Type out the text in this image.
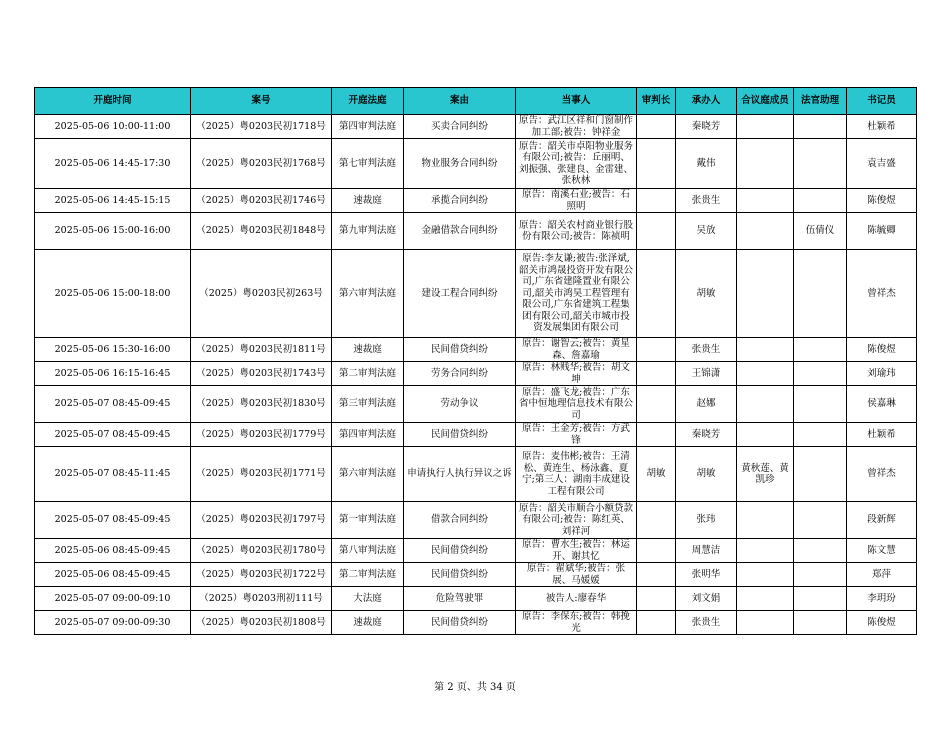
开庭时间	案号	开庭法庭	案由	当事人	审判长	承办人	合议庭成员	法官助理	书记员
2025-05-06 10:00-11:00	（2025）粤0203民初1718号	第四审判法庭	买卖合同纠纷	原告：武江区祥和门窗制作加工部;被告：钟祥金		秦晓芳			杜颖希
2025-05-06 14:45-17:30	（2025）粤0203民初1768号	第七审判法庭	物业服务合同纠纷	原告：韶关市卓阳物业服务有限公司;被告：丘丽明、刘振强、张建良、金雷建、张秋林		戴伟			袁吉盛
2025-05-06 14:45-15:15	（2025）粤0203民初1746号	速裁庭	承揽合同纠纷	原告：南溪石业;被告：石照明		张贵生			陈俊煜
2025-05-06 15:00-16:00	（2025）粤0203民初1848号	第九审判法庭	金融借款合同纠纷	原告：韶关农村商业银行股份有限公司;被告：陈祯明		吴放		伍倩仪	陈毓卿
2025-05-06 15:00-18:00	（2025）粤0203民初263号	第六审判法庭	建设工程合同纠纷	原告:李友谦;被告:张泽斌,韶关市鸿晟投资开发有限公司,广东省建隆置业有限公司,韶关市鸿昊工程管理有限公司,广东省建筑工程集团有限公司,韶关市城市投资发展集团有限公司		胡敏			曾祥杰
2025-05-06 15:30-16:00	（2025）粤0203民初1811号	速裁庭	民间借贷纠纷	原告：谢智云;被告：黄星森、詹嘉瑜		张贵生			陈俊煜
2025-05-06 16:15-16:45	（2025）粤0203民初1743号	第二审判法庭	劳务合同纠纷	原告：林贱华;被告：胡文坤		王锦潇			刘瑜玮
2025-05-07 08:45-09:45	（2025）粤0203民初1830号	第三审判法庭	劳动争议	原告：盛飞龙;被告：广东省中恒地理信息技术有限公司		赵娜			侯嘉琳
2025-05-07 08:45-09:45	（2025）粤0203民初1779号	第四审判法庭	民间借贷纠纷	原告：王金芳;被告：方武锋		秦晓芳			杜颖希
2025-05-07 08:45-11:45	（2025）粤0203民初1771号	第六审判法庭	申请执行人执行异议之诉	原告：麦伟彬;被告：王清松、黄连生、杨泳鑫、夏宁;第三人：湖南丰成建设工程有限公司	胡敏	胡敏	黄秋莲、黄凯珍		曾祥杰
2025-05-07 08:45-09:45	（2025）粤0203民初1797号	第一审判法庭	借款合同纠纷	原告：韶关市顺合小额贷款有限公司;被告：陈红英、刘祥河		张玮			段新辉
2025-05-06 08:45-09:45	（2025）粤0203民初1780号	第八审判法庭	民间借贷纠纷	原告：曹水生;被告：林运开、谢其忆		周慧洁			陈文慧
2025-05-06 08:45-09:45	（2025）粤0203民初1722号	第二审判法庭	民间借贷纠纷	原告：翟斌华;被告：张展、马媛媛		张明华			郑萍
2025-05-07 09:00-09:10	（2025）粤0203刑初111号	大法庭	危险驾驶罪	被告人:廖春华		刘文娟			李玥玢
2025-05-07 09:00-09:30	（2025）粤0203民初1808号	速裁庭	民间借贷纠纷	原告：李保东;被告：韩挽光		张贵生			陈俊煜
第 2 页、共 34 页
